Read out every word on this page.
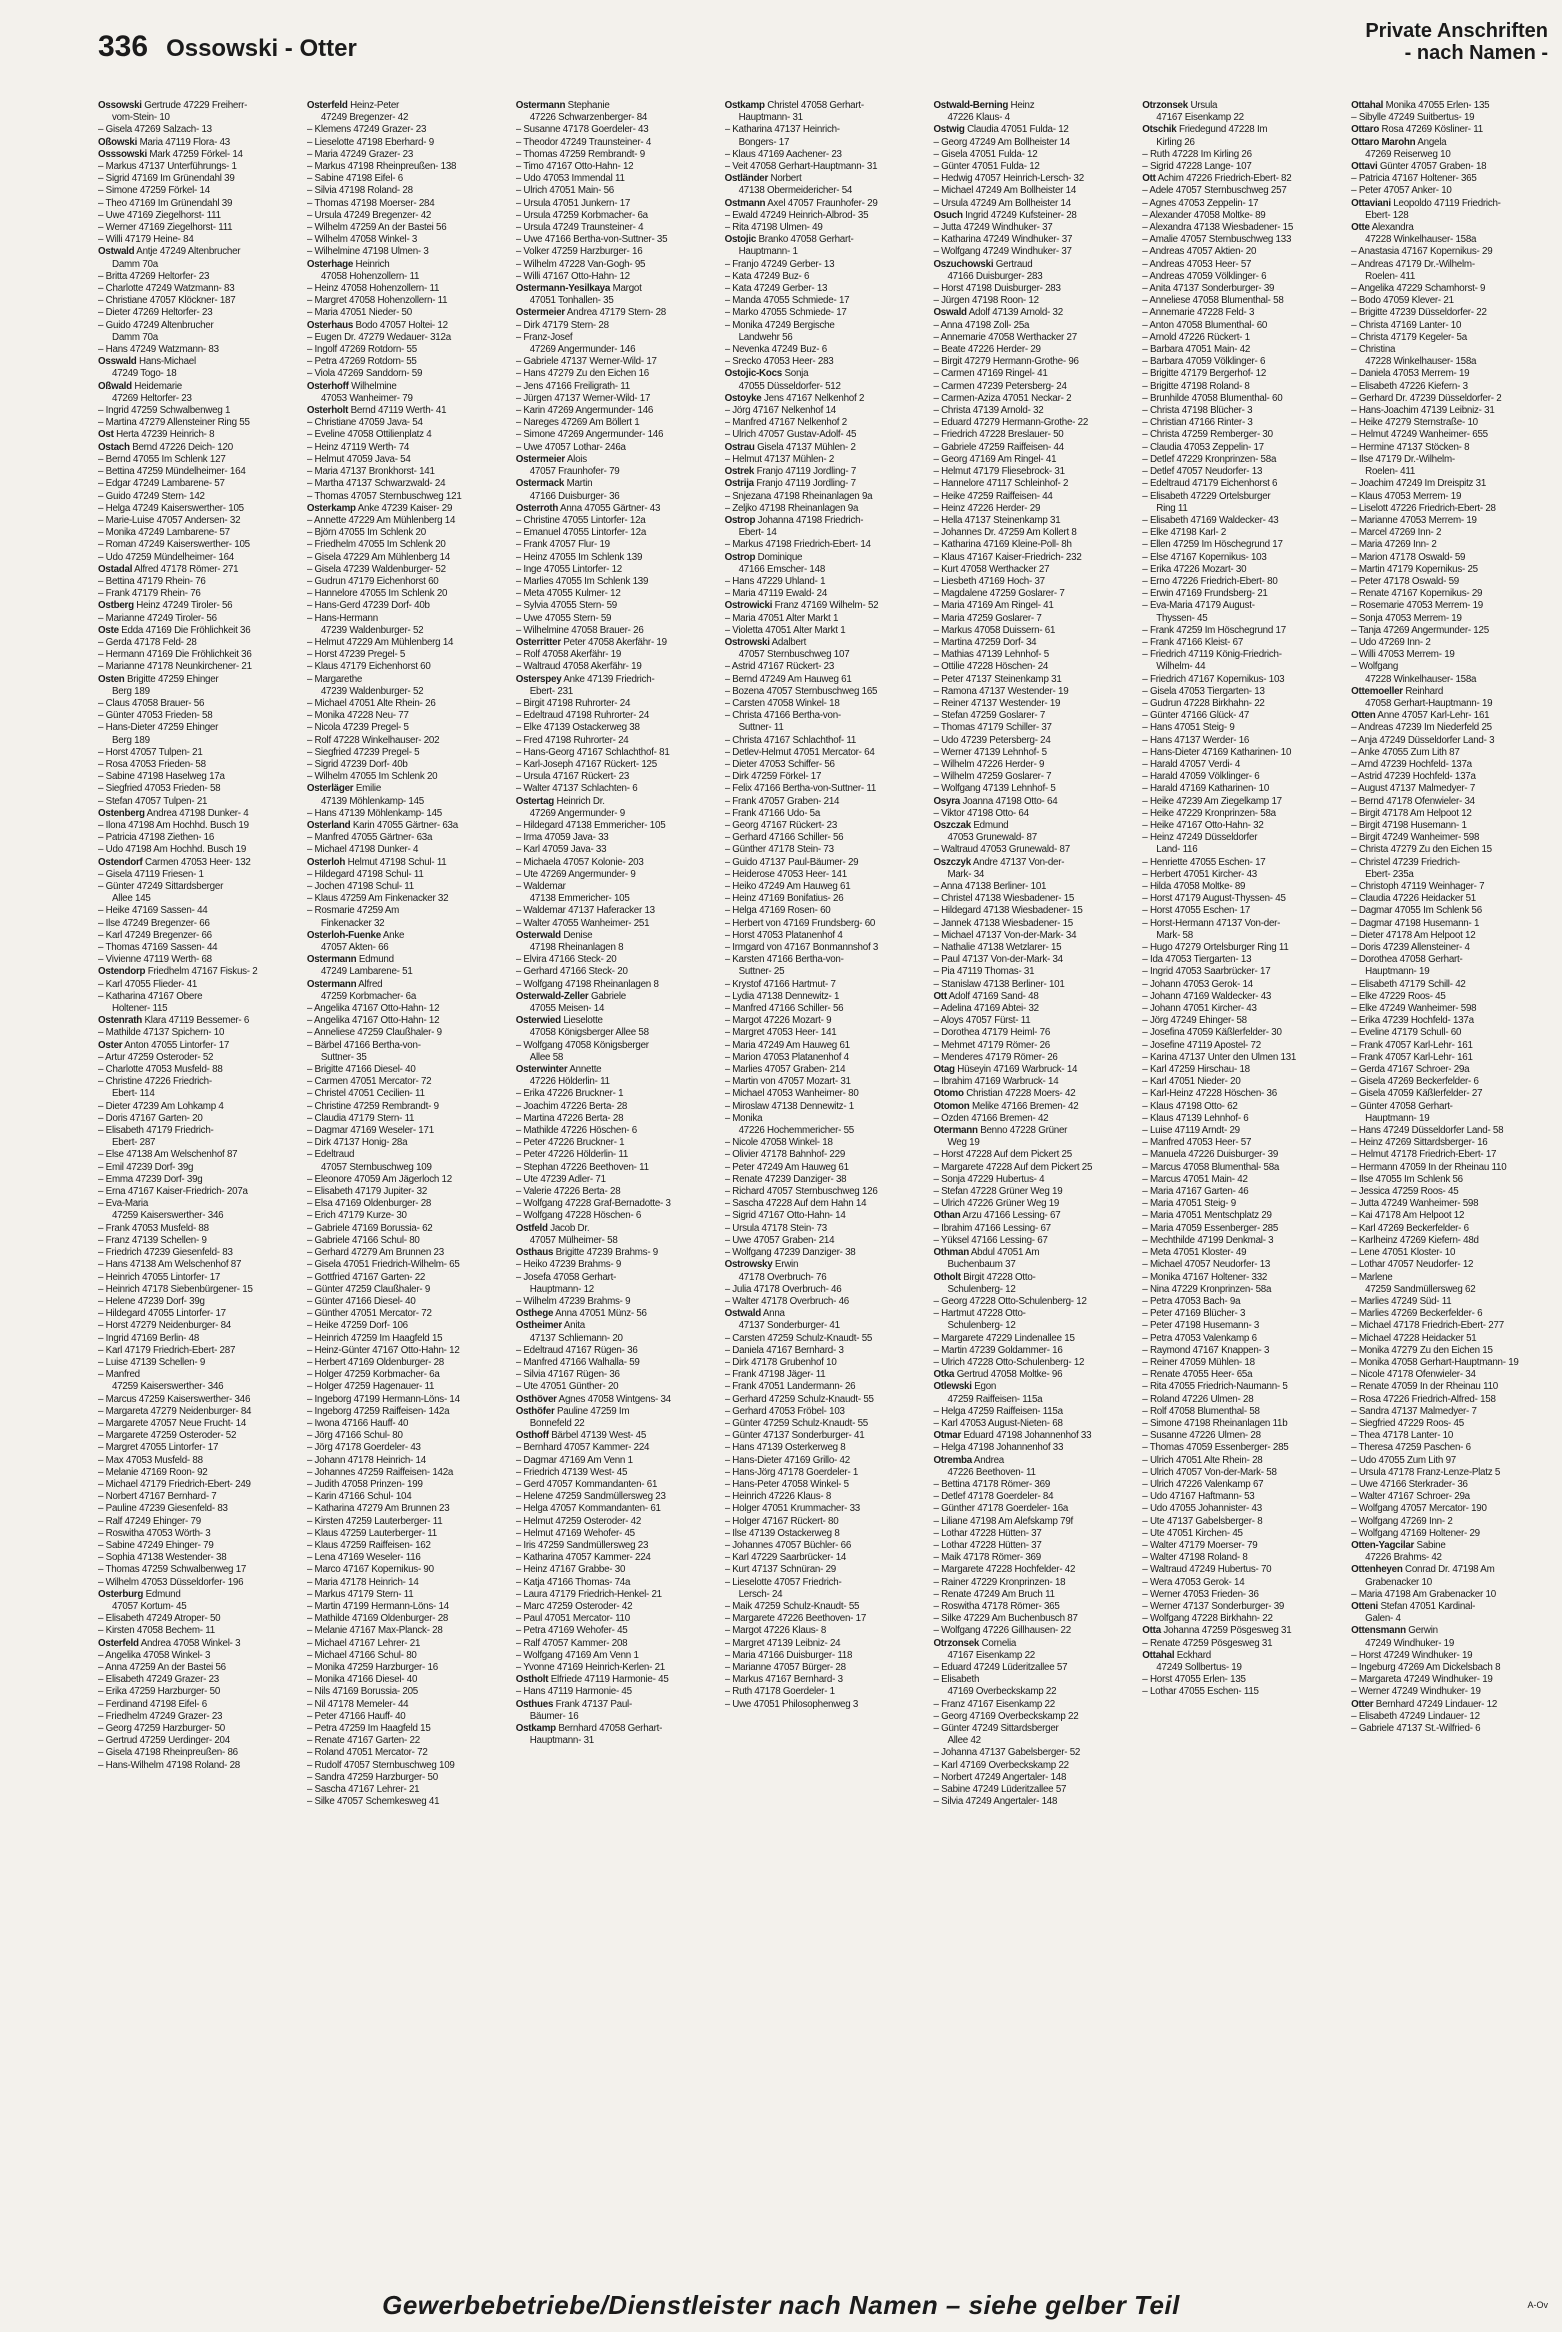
336 Ossowski - Otter
Private Anschriften
- nach Namen -
Ossowski Gertrude 47229 Freiherr-
vom-Stein- 10
– Gisela 47269 Salzach- 13
Oßowski Maria 47119 Flora- 43
Osssowski Mark 47259 Förkel- 14
– Markus 47137 Unterführungs- 1
– Sigrid 47169 Im Grünendahl 39
– Simone 47259 Förkel- 14
– Theo 47169 Im Grünendahl 39
– Uwe 47169 Ziegelhorst- 111
– Werner 47169 Ziegelhorst- 111
– Willi 47179 Heine- 84
Ostwald Antje 47249 Altenbrucher
Damm 70a
– Britta 47269 Heltorfer- 23
– Charlotte 47249 Watzmann- 83
– Christiane 47057 Klöckner- 187
– Dieter 47269 Heltorfer- 23
– Guido 47249 Altenbrucher
Damm 70a
– Hans 47249 Watzmann- 83
Osswald Hans-Michael
47249 Togo- 18
Oßwald Heidemarie
47269 Heltorfer- 23
– Ingrid 47259 Schwalbenweg 1
– Martina 47279 Allensteiner Ring 55
Ost Herta 47239 Heinrich- 8
Ostach Bernd 47226 Deich- 120
– Bernd 47055 Im Schlenk 127
– Bettina 47259 Mündelheimer- 164
– Edgar 47249 Lambarene- 57
– Guido 47249 Stern- 142
– Helga 47249 Kaiserswerther- 105
– Marie-Luise 47057 Andersen- 32
– Monika 47249 Lambarene- 57
– Roman 47249 Kaiserswerther- 105
– Udo 47259 Mündelheimer- 164
Ostadal Alfred 47178 Römer- 271
– Bettina 47179 Rhein- 76
– Frank 47179 Rhein- 76
Ostberg Heinz 47249 Tiroler- 56
– Marianne 47249 Tiroler- 56
Oste Edda 47169 Die Fröhlichkeit 36
– Gerda 47178 Feld- 28
– Hermann 47169 Die Fröhlichkeit 36
– Marianne 47178 Neunkirchener- 21
Osten Brigitte 47259 Ehinger
Berg 189
– Claus 47058 Brauer- 56
– Günter 47053 Frieden- 58
– Hans-Dieter 47259 Ehinger
Berg 189
– Horst 47057 Tulpen- 21
– Rosa 47053 Frieden- 58
– Sabine 47198 Haselweg 17a
– Siegfried 47053 Frieden- 58
– Stefan 47057 Tulpen- 21
Ostenberg Andrea 47198 Dunker- 4
– Ilona 47198 Am Hochhd. Busch 19
– Patricia 47198 Ziethen- 16
– Udo 47198 Am Hochhd. Busch 19
Ostendorf Carmen 47053 Heer- 132
– Gisela 47119 Friesen- 1
– Günter 47249 Sittardsberger
Allee 145
– Heike 47169 Sassen- 44
– Ilse 47249 Bregenzer- 66
– Karl 47249 Bregenzer- 66
– Thomas 47169 Sassen- 44
– Vivienne 47119 Werth- 68
Ostendorp Friedhelm 47167 Fiskus- 2
– Karl 47055 Flieder- 41
– Katharina 47167 Obere
Holtener- 115
Ostenrath Klara 47119 Bessemer- 6
– Mathilde 47137 Spichern- 10
Oster Anton 47055 Lintorfer- 17
– Artur 47259 Osteroder- 52
– Charlotte 47053 Musfeld- 88
– Christine 47226 Friedrich-
Ebert- 114
– Dieter 47239 Am Lohkamp 4
– Doris 47167 Garten- 20
– Elisabeth 47179 Friedrich-
Ebert- 287
– Else 47138 Am Welschenhof 87
– Emil 47239 Dorf- 39g
– Emma 47239 Dorf- 39g
– Erna 47167 Kaiser-Friedrich- 207a
– Eva-Maria
47259 Kaiserswerther- 346
– Frank 47053 Musfeld- 88
– Franz 47139 Schellen- 9
– Friedrich 47239 Giesenfeld- 83
– Hans 47138 Am Welschenhof 87
– Heinrich 47055 Lintorfer- 17
– Heinrich 47178 Siebenbürgener- 15
– Helene 47239 Dorf- 39g
– Hildegard 47055 Lintorfer- 17
– Horst 47279 Neidenburger- 84
– Ingrid 47169 Berlin- 48
– Karl 47179 Friedrich-Ebert- 287
– Luise 47139 Schellen- 9
– Manfred
47259 Kaiserswerther- 346
– Marcus 47259 Kaiserswerther- 346
– Margareta 47279 Neidenburger- 84
– Margarete 47057 Neue Frucht- 14
– Margarete 47259 Osteroder- 52
– Margret 47055 Lintorfer- 17
– Max 47053 Musfeld- 88
– Melanie 47169 Roon- 92
– Michael 47179 Friedrich-Ebert- 249
– Norbert 47167 Bernhard- 7
– Pauline 47239 Giesenfeld- 83
– Ralf 47249 Ehinger- 79
– Roswitha 47053 Wörth- 3
– Sabine 47249 Ehinger- 79
– Sophia 47138 Westender- 38
– Thomas 47259 Schwalbenweg 17
– Wilhelm 47053 Düsseldorfer- 196
Osterburg Edmund
47057 Kortum- 45
– Elisabeth 47249 Atroper- 50
– Kirsten 47058 Bechem- 11
Osterfeld Andrea 47058 Winkel- 3
– Angelika 47058 Winkel- 3
– Anna 47259 An der Bastei 56
– Elisabeth 47249 Grazer- 23
– Erika 47259 Harzburger- 50
– Ferdinand 47198 Eifel- 6
– Friedhelm 47249 Grazer- 23
– Georg 47259 Harzburger- 50
– Gertrud 47259 Uerdinger- 204
– Gisela 47198 Rheinpreußen- 86
– Hans-Wilhelm 47198 Roland- 28
Osterfeld Heinz-Peter
47249 Bregenzer- 42
– Klemens 47249 Grazer- 23
– Lieselotte 47198 Eberhard- 9
– Maria 47249 Grazer- 23
– Markus 47198 Rheinpreußen- 138
– Sabine 47198 Eifel- 6
– Silvia 47198 Roland- 28
– Thomas 47198 Moerser- 284
– Ursula 47249 Bregenzer- 42
– Wilhelm 47259 An der Bastei 56
– Wilhelm 47058 Winkel- 3
– Wilhelmine 47198 Ulmen- 3
Osterhage Heinrich
47058 Hohenzollern- 11
– Heinz 47058 Hohenzollern- 11
– Margret 47058 Hohenzollern- 11
– Maria 47051 Nieder- 50
Osterhaus Bodo 47057 Holtei- 12
– Eugen Dr. 47279 Wedauer- 312a
– Ingolf 47269 Rotdorn- 55
– Petra 47269 Rotdorn- 55
– Viola 47269 Sanddorn- 59
Osterhoff Wilhelmine
47053 Wanheimer- 79
Osterholt Bernd 47119 Werth- 41
– Christiane 47059 Java- 54
– Eveline 47058 Ottilienplatz 4
– Heinz 47119 Werth- 74
– Helmut 47059 Java- 54
– Maria 47137 Bronkhorst- 141
– Martha 47137 Schwarzwald- 24
– Thomas 47057 Sternbuschweg 121
Osterkamp Anke 47239 Kaiser- 29
– Annette 47229 Am Mühlenberg 14
– Björn 47055 Im Schlenk 20
– Friedhelm 47055 Im Schlenk 20
– Gisela 47229 Am Mühlenberg 14
– Gisela 47239 Waldenburger- 52
– Gudrun 47179 Eichenhorst 60
– Hannelore 47055 Im Schlenk 20
– Hans-Gerd 47239 Dorf- 40b
– Hans-Hermann
47239 Waldenburger- 52
– Helmut 47229 Am Mühlenberg 14
– Horst 47239 Pregel- 5
– Klaus 47179 Eichenhorst 60
– Margarethe
47239 Waldenburger- 52
– Michael 47051 Alte Rhein- 26
– Monika 47228 Neu- 77
– Nicola 47239 Pregel- 5
– Rolf 47228 Winkelhauser- 202
– Siegfried 47239 Pregel- 5
– Sigrid 47239 Dorf- 40b
– Wilhelm 47055 Im Schlenk 20
Osterläger Emilie
47139 Möhlenkamp- 145
– Hans 47139 Möhlenkamp- 145
Osterland Karin 47055 Gärtner- 63a
– Manfred 47055 Gärtner- 63a
– Michael 47198 Dunker- 4
Osterloh Helmut 47198 Schul- 11
– Hildegard 47198 Schul- 11
– Jochen 47198 Schul- 11
– Klaus 47259 Am Finkenacker 32
– Rosmarie 47259 Am
Finkenacker 32
Osterloh-Fuenke Anke
47057 Akten- 66
Ostermann Edmund
47249 Lambarene- 51
Ostermann Alfred
47259 Korbmacher- 6a
– Angelika 47167 Otto-Hahn- 12
– Angelika 47167 Otto-Hahn- 12
– Anneliese 47259 Claußhaler- 9
– Bärbel 47166 Bertha-von-
Suttner- 35
– Brigitte 47166 Diesel- 40
– Carmen 47051 Mercator- 72
– Christel 47051 Cecilien- 11
– Christine 47259 Rembrandt- 9
– Claudia 47179 Stern- 11
– Dagmar 47169 Weseler- 171
– Dirk 47137 Honig- 28a
– Edeltraud
47057 Sternbuschweg 109
– Eleonore 47059 Am Jägerloch 12
– Elisabeth 47179 Jupiter- 32
– Elsa 47169 Oldenburger- 28
– Erich 47179 Kurze- 30
– Gabriele 47169 Borussia- 62
– Gabriele 47166 Schul- 80
– Gerhard 47279 Am Brunnen 23
– Gisela 47051 Friedrich-Wilhelm- 65
– Gottfried 47167 Garten- 22
– Günter 47259 Claußhaler- 9
– Günter 47166 Diesel- 40
– Günther 47051 Mercator- 72
– Heike 47259 Dorf- 106
– Heinrich 47259 Im Haagfeld 15
– Heinz-Günter 47167 Otto-Hahn- 12
– Herbert 47169 Oldenburger- 28
– Holger 47259 Korbmacher- 6a
– Holger 47259 Hagenauer- 11
– Ingeborg 47199 Hermann-Löns- 14
– Ingeborg 47259 Raiffeisen- 142a
– Iwona 47166 Hauff- 40
– Jörg 47166 Schul- 80
– Jörg 47178 Goerdeler- 43
– Johann 47178 Heinrich- 14
– Johannes 47259 Raiffeisen- 142a
– Judith 47058 Prinzen- 199
– Karin 47166 Schul- 104
– Katharina 47279 Am Brunnen 23
– Kirsten 47259 Lauterberger- 11
– Klaus 47259 Lauterberger- 11
– Klaus 47259 Raiffeisen- 162
– Lena 47169 Weseler- 116
– Marco 47167 Kopernikus- 90
– Maria 47178 Heinrich- 14
– Markus 47179 Stern- 11
– Martin 47199 Hermann-Löns- 14
– Mathilde 47169 Oldenburger- 28
– Melanie 47167 Max-Planck- 28
– Michael 47167 Lehrer- 21
– Michael 47166 Schul- 80
– Monika 47259 Harzburger- 16
– Monika 47166 Diesel- 40
– Nils 47169 Borussia- 205
– Nil 47178 Memeler- 44
– Peter 47166 Hauff- 40
– Petra 47259 Im Haagfeld 15
– Renate 47167 Garten- 22
– Roland 47051 Mercator- 72
– Rudolf 47057 Sternbuschweg 109
– Sandra 47259 Harzburger- 50
– Sascha 47167 Lehrer- 21
– Silke 47057 Schemkesweg 41
Ostermann Stephanie
47226 Schwarzenberger- 84
– Susanne 47178 Goerdeler- 43
– Theodor 47249 Traunsteiner- 4
– Thomas 47259 Rembrandt- 9
– Timo 47167 Otto-Hahn- 12
– Udo 47053 Immendal 11
– Ulrich 47051 Main- 56
– Ursula 47051 Junkern- 17
– Ursula 47259 Korbmacher- 6a
– Ursula 47249 Traunsteiner- 4
– Uwe 47166 Bertha-von-Suttner- 35
– Volker 47259 Harzburger- 16
– Wilhelm 47228 Van-Gogh- 95
– Willi 47167 Otto-Hahn- 12
Ostermann-Yesilkaya Margot
47051 Tonhallen- 35
Ostermeier Andrea 47179 Stern- 28
– Dirk 47179 Stern- 28
– Franz-Josef
47269 Angermunder- 146
– Gabriele 47137 Werner-Wild- 17
– Hans 47279 Zu den Eichen 16
– Jens 47166 Freiligrath- 11
– Jürgen 47137 Werner-Wild- 17
– Karin 47269 Angermunder- 146
– Nareges 47269 Am Böllert 1
– Simone 47269 Angermunder- 146
– Uwe 47057 Lothar- 246a
Ostermeier Alois
47057 Fraunhofer- 79
Ostermack Martin
47166 Duisburger- 36
Osterroth Anna 47055 Gärtner- 43
– Christine 47055 Lintorfer- 12a
– Emanuel 47055 Lintorfer- 12a
– Frank 47057 Flur- 19
– Heinz 47055 Im Schlenk 139
– Inge 47055 Lintorfer- 12
– Marlies 47055 Im Schlenk 139
– Meta 47055 Kulmer- 12
– Sylvia 47055 Stern- 59
– Uwe 47055 Stern- 59
– Wilhelmine 47058 Brauer- 26
Osterritter Peter 47058 Akerfähr- 19
– Rolf 47058 Akerfähr- 19
– Waltraud 47058 Akerfähr- 19
Osterspey Anke 47139 Friedrich-
Ebert- 231
– Birgit 47198 Ruhrorter- 24
– Edeltraud 47198 Ruhrorter- 24
– Elke 47139 Ostackerweg 38
– Fred 47198 Ruhrorter- 24
– Hans-Georg 47167 Schlachthof- 81
– Karl-Joseph 47167 Rückert- 125
– Ursula 47167 Rückert- 23
– Walter 47137 Schlachten- 6
Ostertag Heinrich Dr.
47269 Angermunder- 9
– Hildegard 47138 Emmericher- 105
– Irma 47059 Java- 33
– Karl 47059 Java- 33
– Michaela 47057 Kolonie- 203
– Ute 47269 Angermunder- 9
– Waldemar
47138 Emmericher- 105
– Waldemar 47137 Haferacker 13
– Walter 47055 Wanheimer- 251
Osterwald Denise
47198 Rheinanlagen 8
– Elvira 47166 Steck- 20
– Gerhard 47166 Steck- 20
– Wolfgang 47198 Rheinanlagen 8
Osterwald-Zeller Gabriele
47055 Meisen- 14
Osterwied Lieselotte
47058 Königsberger Allee 58
– Wolfgang 47058 Königsberger
Allee 58
Osterwinter Annette
47226 Hölderlin- 11
– Erika 47226 Bruckner- 1
– Joachim 47226 Berta- 28
– Martina 47226 Berta- 28
– Mathilde 47226 Höschen- 6
– Peter 47226 Bruckner- 1
– Peter 47226 Hölderlin- 11
– Stephan 47226 Beethoven- 11
– Ute 47239 Adler- 71
– Valerie 47226 Berta- 28
– Wolfgang 47228 Graf-Bernadotte- 3
– Wolfgang 47228 Höschen- 6
Ostfeld Jacob Dr.
47057 Mülheimer- 58
Osthaus Brigitte 47239 Brahms- 9
– Heiko 47239 Brahms- 9
– Josefa 47058 Gerhart-
Hauptmann- 12
– Wilhelm 47239 Brahms- 9
Osthege Anna 47051 Münz- 56
Ostheimer Anita
47137 Schliemann- 20
– Edeltraud 47167 Rügen- 36
– Manfred 47166 Walhalla- 59
– Silvia 47167 Rügen- 36
– Ute 47051 Günther- 20
Osthöver Agnes 47058 Wintgens- 34
Osthöfer Pauline 47259 Im
Bonnefeld 22
Osthoff Bärbel 47139 West- 45
– Bernhard 47057 Kammer- 224
– Dagmar 47169 Am Venn 1
– Friedrich 47139 West- 45
– Gerd 47057 Kommandanten- 61
– Helene 47259 Sandmüllersweg 23
– Helga 47057 Kommandanten- 61
– Helmut 47259 Osteroder- 42
– Helmut 47169 Wehofer- 45
– Iris 47259 Sandmüllersweg 23
– Katharina 47057 Kammer- 224
– Heinz 47167 Grabbe- 30
– Katja 47166 Thomas- 74a
– Laura 47179 Friedrich-Henkel- 21
– Marc 47259 Osteroder- 42
– Paul 47051 Mercator- 110
– Petra 47169 Wehofer- 45
– Ralf 47057 Kammer- 208
– Wolfgang 47169 Am Venn 1
– Yvonne 47169 Heinrich-Kerlen- 21
Ostholt Elfriede 47119 Harmonie- 45
– Hans 47119 Harmonie- 45
Osthues Frank 47137 Paul-
Bäumer- 16
Ostkamp Bernhard 47058 Gerhart-
Hauptmann- 31
Ostkamp Christel 47058 Gerhart-
Hauptmann- 31
– Katharina 47137 Heinrich-
Bongers- 17
– Klaus 47169 Aachener- 23
– Veit 47058 Gerhart-Hauptmann- 31
Ostländer Norbert
47138 Obermeidericher- 54
Ostmann Axel 47057 Fraunhofer- 29
– Ewald 47249 Heinrich-Albrod- 35
– Rita 47198 Ulmen- 49
Ostojic Branko 47058 Gerhart-
Hauptmann- 1
– Franjo 47249 Gerber- 13
– Kata 47249 Buz- 6
– Kata 47249 Gerber- 13
– Manda 47055 Schmiede- 17
– Marko 47055 Schmiede- 17
– Monika 47249 Bergische
Landwehr 56
– Nevenka 47249 Buz- 6
– Srecko 47053 Heer- 283
Ostojic-Kocs Sonja
47055 Düsseldorfer- 512
Ostoyke Jens 47167 Nelkenhof 2
– Jörg 47167 Nelkenhof 14
– Manfred 47167 Nelkenhof 2
– Ulrich 47057 Gustav-Adolf- 45
Ostrau Gisela 47137 Mühlen- 2
– Helmut 47137 Mühlen- 2
Ostrek Franjo 47119 Jordling- 7
Ostrija Franjo 47119 Jordling- 7
– Snjezana 47198 Rheinanlagen 9a
– Zeljko 47198 Rheinanlagen 9a
Ostrop Johanna 47198 Friedrich-
Ebert- 14
– Markus 47198 Friedrich-Ebert- 14
Ostrop Dominique
47166 Emscher- 148
– Hans 47229 Uhland- 1
– Maria 47119 Ewald- 24
Ostrowicki Franz 47169 Wilhelm- 52
– Maria 47051 Alter Markt 1
– Violetta 47051 Alter Markt 1
Ostrowski Adalbert
47057 Sternbuschweg 107
– Astrid 47167 Rückert- 23
– Bernd 47249 Am Hauweg 61
– Bozena 47057 Sternbuschweg 165
– Carsten 47058 Winkel- 18
– Christa 47166 Bertha-von-
Suttner- 11
– Christa 47167 Schlachthof- 11
– Detlev-Helmut 47051 Mercator- 64
– Dieter 47053 Schiffer- 56
– Dirk 47259 Förkel- 17
– Felix 47166 Bertha-von-Suttner- 11
– Frank 47057 Graben- 214
– Frank 47166 Udo- 5a
– Georg 47167 Rückert- 23
– Gerhard 47166 Schiller- 56
– Günther 47178 Stein- 73
– Guido 47137 Paul-Bäumer- 29
– Heiderose 47053 Heer- 141
– Heiko 47249 Am Hauweg 61
– Heinz 47169 Bonifatius- 26
– Helga 47169 Rosen- 60
– Herbert von 47169 Frundsberg- 60
– Horst 47053 Platanenhof 4
– Irmgard von 47167 Bonmannshof 3
– Karsten 47166 Bertha-von-
Suttner- 25
– Krystof 47166 Hartmut- 7
– Lydia 47138 Dennewitz- 1
– Manfred 47166 Schiller- 56
– Margot 47226 Mozart- 9
– Margret 47053 Heer- 141
– Maria 47249 Am Hauweg 61
– Marion 47053 Platanenhof 4
– Marlies 47057 Graben- 214
– Martin von 47057 Mozart- 31
– Michael 47053 Wanheimer- 80
– Miroslaw 47138 Dennewitz- 1
– Monika
47226 Hochemmericher- 55
– Nicole 47058 Winkel- 18
– Olivier 47178 Bahnhof- 229
– Peter 47249 Am Hauweg 61
– Renate 47239 Danziger- 38
– Richard 47057 Sternbuschweg 126
– Sascha 47228 Auf dem Hahn 14
– Sigrid 47167 Otto-Hahn- 14
– Ursula 47178 Stein- 73
– Uwe 47057 Graben- 214
– Wolfgang 47239 Danziger- 38
Ostrowsky Erwin
47178 Overbruch- 76
– Julia 47178 Overbruch- 46
– Walter 47178 Overbruch- 46
Ostwald Anna
47137 Sonderburger- 41
– Carsten 47259 Schulz-Knaudt- 55
– Daniela 47167 Bernhard- 3
– Dirk 47178 Grubenhof 10
– Frank 47198 Jäger- 11
– Frank 47051 Landermann- 26
– Gerhard 47259 Schulz-Knaudt- 55
– Gerhard 47053 Fröbel- 103
– Günter 47259 Schulz-Knaudt- 55
– Günter 47137 Sonderburger- 41
– Hans 47139 Osterkerweg 8
– Hans-Dieter 47169 Grillo- 42
– Hans-Jörg 47178 Goerdeler- 1
– Hans-Peter 47058 Winkel- 5
– Heinrich 47226 Klaus- 8
– Holger 47051 Krummacher- 33
– Holger 47167 Rückert- 80
– Ilse 47139 Ostackerweg 8
– Johannes 47057 Büchler- 66
– Karl 47229 Saarbrücker- 14
– Kurt 47137 Schnüran- 29
– Lieselotte 47057 Friedrich-
Lersch- 24
– Maik 47259 Schulz-Knaudt- 55
– Margarete 47226 Beethoven- 17
– Margot 47226 Klaus- 8
– Margret 47139 Leibniz- 24
– Maria 47166 Duisburger- 118
– Marianne 47057 Bürger- 28
– Markus 47167 Bernhard- 3
– Ruth 47178 Goerdeler- 1
– Uwe 47051 Philosophenweg 3
Ostwald-Berning Heinz
47226 Klaus- 4
Ostwig Claudia 47051 Fulda- 12
– Georg 47249 Am Bollheister 14
– Gisela 47051 Fulda- 12
– Günter 47051 Fulda- 12
– Hedwig 47057 Heinrich-Lersch- 32
– Michael 47249 Am Bollheister 14
– Ursula 47249 Am Bollheister 14
Osuch Ingrid 47249 Kufsteiner- 28
– Jutta 47249 Windhuker- 37
– Katharina 47249 Windhuker- 37
– Wolfgang 47249 Windhuker- 37
Oszuchowski Gertraud
47166 Duisburger- 283
– Horst 47198 Duisburger- 283
– Jürgen 47198 Roon- 12
Oswald Adolf 47139 Arnold- 32
– Anna 47198 Zoll- 25a
– Annemarie 47058 Werthacker 27
– Beate 47226 Herder- 29
– Birgit 47279 Hermann-Grothe- 96
– Carmen 47169 Ringel- 41
– Carmen 47239 Petersberg- 24
– Carmen-Aziza 47051 Neckar- 2
– Christa 47139 Arnold- 32
– Eduard 47279 Hermann-Grothe- 22
– Friedrich 47228 Breslauer- 50
– Gabriele 47259 Raiffeisen- 44
– Georg 47169 Am Ringel- 41
– Helmut 47179 Fliesebrock- 31
– Hannelore 47117 Schleinhof- 2
– Heike 47259 Raiffeisen- 44
– Heinz 47226 Herder- 29
– Hella 47137 Steinenkamp 31
– Johannes Dr. 47259 Am Kollert 8
– Katharina 47169 Kleine-Poll- 8h
– Klaus 47167 Kaiser-Friedrich- 232
– Kurt 47058 Werthacker 27
– Liesbeth 47169 Hoch- 37
– Magdalene 47259 Goslarer- 7
– Maria 47169 Am Ringel- 41
– Maria 47259 Goslarer- 7
– Markus 47058 Duissern- 61
– Martina 47259 Dorf- 34
– Mathias 47139 Lehnhof- 5
– Ottilie 47228 Höschen- 24
– Peter 47137 Steinenkamp 31
– Ramona 47137 Westender- 19
– Reiner 47137 Westender- 19
– Stefan 47259 Goslarer- 7
– Thomas 47179 Schiller- 37
– Udo 47239 Petersberg- 24
– Werner 47139 Lehnhof- 5
– Wilhelm 47226 Herder- 9
– Wilhelm 47259 Goslarer- 7
– Wolfgang 47139 Lehnhof- 5
Osyra Joanna 47198 Otto- 64
– Viktor 47198 Otto- 64
Oszczak Edmund
47053 Grunewald- 87
– Waltraud 47053 Grunewald- 87
Oszczyk Andre 47137 Von-der-
Mark- 34
– Anna 47138 Berliner- 101
– Christel 47138 Wiesbadener- 15
– Hildegard 47138 Wiesbadener- 15
– Jannek 47138 Wiesbadener- 15
– Michael 47137 Von-der-Mark- 34
– Nathalie 47138 Wetzlarer- 15
– Paul 47137 Von-der-Mark- 34
– Pia 47119 Thomas- 31
– Stanislaw 47138 Berliner- 101
Ott Adolf 47169 Sand- 48
– Adelina 47169 Abtei- 32
– Aloys 47057 Fürst- 11
– Dorothea 47179 Heiml- 76
– Mehmet 47179 Römer- 26
– Menderes 47179 Römer- 26
Otag Hüseyin 47169 Warbruck- 14
– Ibrahim 47169 Warbruck- 14
Otomo Christian 47228 Moers- 42
Otomon Melike 47166 Bremen- 42
– Özden 47166 Bremen- 42
Otermann Benno 47228 Grüner
Weg 19
– Horst 47228 Auf dem Pickert 25
– Margarete 47228 Auf dem Pickert 25
– Sonja 47229 Hubertus- 4
– Stefan 47228 Grüner Weg 19
– Ulrich 47226 Grüner Weg 19
Othan Arzu 47166 Lessing- 67
– Ibrahim 47166 Lessing- 67
– Yüksel 47166 Lessing- 67
Othman Abdul 47051 Am
Buchenbaum 37
Otholt Birgit 47228 Otto-
Schulenberg- 12
– Georg 47228 Otto-Schulenberg- 12
– Hartmut 47228 Otto-
Schulenberg- 12
– Margarete 47229 Lindenallee 15
– Martin 47239 Goldammer- 16
– Ulrich 47228 Otto-Schulenberg- 12
Otka Gertrud 47058 Moltke- 96
Otlewski Egon
47259 Raiffeisen- 115a
– Helga 47259 Raiffeisen- 115a
– Karl 47053 August-Nieten- 68
Otmar Eduard 47198 Johannenhof 33
– Helga 47198 Johannenhof 33
Otremba Andrea
47226 Beethoven- 11
– Bettina 47178 Römer- 369
– Detlef 47178 Goerdeler- 84
– Günther 47178 Goerdeler- 16a
– Liliane 47198 Am Alefskamp 79f
– Lothar 47228 Hütten- 37
– Lothar 47228 Hütten- 37
– Maik 47178 Römer- 369
– Margarete 47228 Hochfelder- 42
– Rainer 47229 Kronprinzen- 18
– Renate 47249 Am Bruch 11
– Roswitha 47178 Römer- 365
– Silke 47229 Am Buchenbusch 87
– Wolfgang 47226 Gillhausen- 22
Otrzonsek Cornelia
47167 Eisenkamp 22
– Eduard 47249 Lüderitzallee 57
– Elisabeth
47169 Overbeckskamp 22
– Franz 47167 Eisenkamp 22
– Georg 47169 Overbeckskamp 22
– Günter 47249 Sittardsberger
Allee 42
– Johanna 47137 Gabelsberger- 52
– Karl 47169 Overbeckskamp 22
– Norbert 47249 Angertaler- 148
– Sabine 47249 Lüderitzallee 57
– Silvia 47249 Angertaler- 148
Otrzonsek Ursula
47167 Eisenkamp 22
Otschik Friedegund 47228 Im
Kirling 26
– Ruth 47228 Im Kirling 26
– Sigrid 47228 Lange- 107
Ott Achim 47226 Friedrich-Ebert- 82
– Adele 47057 Sternbuschweg 257
– Agnes 47053 Zeppelin- 17
– Alexander 47058 Moltke- 89
– Alexandra 47138 Wiesbadener- 15
– Amalie 47057 Sternbuschweg 133
– Andreas 47057 Aktien- 20
– Andreas 47053 Heer- 57
– Andreas 47059 Völklinger- 6
– Anita 47137 Sonderburger- 39
– Anneliese 47058 Blumenthal- 58
– Annemarie 47228 Feld- 3
– Anton 47058 Blumenthal- 60
– Arnold 47226 Rückert- 1
– Barbara 47051 Main- 42
– Barbara 47059 Völklinger- 6
– Brigitte 47179 Bergerhof- 12
– Brigitte 47198 Roland- 8
– Brunhilde 47058 Blumenthal- 60
– Christa 47198 Blücher- 3
– Christian 47166 Rinter- 3
– Christa 47259 Remberger- 30
– Claudia 47053 Zeppelin- 17
– Detlef 47229 Kronprinzen- 58a
– Detlef 47057 Neudorfer- 13
– Edeltraud 47179 Eichenhorst 6
– Elisabeth 47229 Ortelsburger
Ring 11
– Elisabeth 47169 Waldecker- 43
– Elke 47198 Karl- 2
– Ellen 47259 Im Höschegrund 17
– Else 47167 Kopernikus- 103
– Erika 47226 Mozart- 30
– Erno 47226 Friedrich-Ebert- 80
– Erwin 47169 Frundsberg- 21
– Eva-Maria 47179 August-
Thyssen- 45
– Frank 47259 Im Höschegrund 17
– Frank 47166 Kleist- 67
– Friedrich 47119 König-Friedrich-
Wilhelm- 44
– Friedrich 47167 Kopernikus- 103
– Gisela 47053 Tiergarten- 13
– Gudrun 47228 Birkhahn- 22
– Günter 47166 Glück- 47
– Hans 47051 Steig- 9
– Hans 47137 Werder- 16
– Hans-Dieter 47169 Katharinen- 10
– Harald 47057 Verdi- 4
– Harald 47059 Völklinger- 6
– Harald 47169 Katharinen- 10
– Heike 47239 Am Ziegelkamp 17
– Heike 47229 Kronprinzen- 58a
– Heike 47167 Otto-Hahn- 32
– Heinz 47249 Düsseldorfer
Land- 116
– Henriette 47055 Eschen- 17
– Herbert 47051 Kircher- 43
– Hilda 47058 Moltke- 89
– Horst 47179 August-Thyssen- 45
– Horst 47055 Eschen- 17
– Horst-Hermann 47137 Von-der-
Mark- 58
– Hugo 47279 Ortelsburger Ring 11
– Ida 47053 Tiergarten- 13
– Ingrid 47053 Saarbrücker- 17
– Johann 47053 Gerok- 14
– Johann 47169 Waldecker- 43
– Johann 47051 Kircher- 43
– Jörg 47249 Ehinger- 58
– Josefina 47059 Käßlerfelder- 30
– Josefine 47119 Apostel- 72
– Karina 47137 Unter den Ulmen 131
– Karl 47259 Hirschau- 18
– Karl 47051 Nieder- 20
– Karl-Heinz 47228 Höschen- 36
– Klaus 47198 Otto- 62
– Klaus 47139 Lehnhof- 6
– Luise 47119 Arndt- 29
– Manfred 47053 Heer- 57
– Manuela 47226 Duisburger- 39
– Marcus 47058 Blumenthal- 58a
– Marcus 47051 Main- 42
– Maria 47167 Garten- 46
– Maria 47051 Steig- 9
– Maria 47051 Mentschplatz 29
– Maria 47059 Essenberger- 285
– Mechthilde 47199 Denkmal- 3
– Meta 47051 Kloster- 49
– Michael 47057 Neudorfer- 13
– Monika 47167 Holtener- 332
– Nina 47229 Kronprinzen- 58a
– Petra 47053 Bach- 9a
– Peter 47169 Blücher- 3
– Peter 47198 Husemann- 3
– Petra 47053 Valenkamp 6
– Raymond 47167 Knappen- 3
– Reiner 47059 Mühlen- 18
– Renate 47055 Heer- 65a
– Rita 47055 Friedrich-Naumann- 5
– Roland 47226 Ulmen- 28
– Rolf 47058 Blumenthal- 58
– Simone 47198 Rheinanlagen 11b
– Susanne 47226 Ulmen- 28
– Thomas 47059 Essenberger- 285
– Ulrich 47051 Alte Rhein- 28
– Ulrich 47057 Von-der-Mark- 58
– Ulrich 47226 Valenkamp 67
– Udo 47167 Haftmann- 53
– Udo 47055 Johannister- 43
– Ute 47137 Gabelsberger- 8
– Ute 47051 Kirchen- 45
– Walter 47179 Moerser- 79
– Walter 47198 Roland- 8
– Waltraud 47249 Hubertus- 70
– Wera 47053 Gerok- 14
– Werner 47053 Frieden- 36
– Werner 47137 Sonderburger- 39
– Wolfgang 47228 Birkhahn- 22
Otta Johanna 47259 Pösgesweg 31
– Renate 47259 Pösgesweg 31
Ottahal Eckhard
47249 Sollbertus- 19
– Horst 47055 Erlen- 135
– Lothar 47055 Eschen- 115
Ottahal Monika 47055 Erlen- 135
– Sibylle 47249 Suitbertus- 19
Ottaro Rosa 47269 Kösliner- 11
Ottaro Marohn Angela
47269 Reiserweg 10
Ottavi Günter 47057 Graben- 18
– Patricia 47167 Holtener- 365
– Peter 47057 Anker- 10
Ottaviani Leopoldo 47119 Friedrich-
Ebert- 128
Otte Alexandra
47228 Winkelhauser- 158a
– Anastasia 47167 Kopernikus- 29
– Andreas 47179 Dr.-Wilhelm-
Roelen- 411
– Angelika 47229 Schamhorst- 9
– Bodo 47059 Klever- 21
– Brigitte 47239 Düsseldorfer- 22
– Christa 47169 Lanter- 10
– Christa 47179 Kegeler- 5a
– Christina
47228 Winkelhauser- 158a
– Daniela 47053 Merrem- 19
– Elisabeth 47226 Kiefern- 3
– Gerhard Dr. 47239 Düsseldorfer- 2
– Hans-Joachim 47139 Leibniz- 31
– Heike 47279 Sternstraße- 10
– Helmut 47249 Wanheimer- 655
– Hermine 47137 Stöcken- 8
– Ilse 47179 Dr.-Wilhelm-
Roelen- 411
– Joachim 47249 Im Dreispitz 31
– Klaus 47053 Merrem- 19
– Liselott 47226 Friedrich-Ebert- 28
– Marianne 47053 Merrem- 19
– Marcel 47269 Inn- 2
– Maria 47269 Inn- 2
– Marion 47178 Oswald- 59
– Martin 47179 Kopernikus- 25
– Peter 47178 Oswald- 59
– Renate 47167 Kopernikus- 29
– Rosemarie 47053 Merrem- 19
– Sonja 47053 Merrem- 19
– Tanja 47269 Angermunder- 125
– Udo 47269 Inn- 2
– Willi 47053 Merrem- 19
– Wolfgang
47228 Winkelhauser- 158a
Ottemoeller Reinhard
47058 Gerhart-Hauptmann- 19
Otten Anne 47057 Karl-Lehr- 161
– Andreas 47239 Im Niederfeld 25
– Anja 47249 Düsseldorfer Land- 3
– Anke 47055 Zum Lith 87
– Arnd 47239 Hochfeld- 137a
– Astrid 47239 Hochfeld- 137a
– August 47137 Malmedyer- 7
– Bernd 47178 Ofenwieler- 34
– Birgit 47178 Am Helpoot 12
– Birgit 47198 Husemann- 1
– Birgit 47249 Wanheimer- 598
– Christa 47279 Zu den Eichen 15
– Christel 47239 Friedrich-
Ebert- 235a
– Christoph 47119 Weinhager- 7
– Claudia 47226 Heidacker 51
– Dagmar 47055 Im Schlenk 56
– Dagmar 47198 Husemann- 1
– Dieter 47178 Am Helpoot 12
– Doris 47239 Allensteiner- 4
– Dorothea 47058 Gerhart-
Hauptmann- 19
– Elisabeth 47179 Schill- 42
– Elke 47229 Roos- 45
– Elke 47249 Wanheimer- 598
– Erika 47239 Hochfeld- 137a
– Eveline 47179 Schull- 60
– Frank 47057 Karl-Lehr- 161
– Frank 47057 Karl-Lehr- 161
– Gerda 47167 Schroer- 29a
– Gisela 47269 Beckerfelder- 6
– Gisela 47059 Käßlerfelder- 27
– Günter 47058 Gerhart-
Hauptmann- 19
– Hans 47249 Düsseldorfer Land- 58
– Heinz 47269 Sittardsberger- 16
– Helmut 47178 Friedrich-Ebert- 17
– Hermann 47059 In der Rheinau 110
– Ilse 47055 Im Schlenk 56
– Jessica 47259 Roos- 45
– Jutta 47249 Wanheimer- 598
– Kai 47178 Am Helpoot 12
– Karl 47269 Beckerfelder- 6
– Karlheinz 47269 Kiefern- 48d
– Lene 47051 Kloster- 10
– Lothar 47057 Neudorfer- 12
– Marlene
47259 Sandmüllersweg 62
– Marlies 47249 Süd- 11
– Marlies 47269 Beckerfelder- 6
– Michael 47178 Friedrich-Ebert- 277
– Michael 47228 Heidacker 51
– Monika 47279 Zu den Eichen 15
– Monika 47058 Gerhart-Hauptmann- 19
– Nicole 47178 Ofenwieler- 34
– Renate 47059 In der Rheinau 110
– Rosa 47226 Friedrich-Alfred- 158
– Sandra 47137 Malmedyer- 7
– Siegfried 47229 Roos- 45
– Thea 47178 Lanter- 10
– Theresa 47259 Paschen- 6
– Udo 47055 Zum Lith 97
– Ursula 47178 Franz-Lenze-Platz 5
– Uwe 47166 Sterkrader- 36
– Walter 47167 Schroer- 29a
– Wolfgang 47057 Mercator- 190
– Wolfgang 47269 Inn- 2
– Wolfgang 47169 Holtener- 29
Otten-Yagcilar Sabine
47226 Brahms- 42
Ottenheyen Conrad Dr. 47198 Am
Grabenacker 10
– Maria 47198 Am Grabenacker 10
Otteni Stefan 47051 Kardinal-
Galen- 4
Ottensmann Gerwin
47249 Windhuker- 19
– Horst 47249 Windhuker- 19
– Ingeburg 47269 Am Dickelsbach 8
– Margareta 47249 Windhuker- 19
– Werner 47249 Windhuker- 19
Otter Bernhard 47249 Lindauer- 12
– Elisabeth 47249 Lindauer- 12
– Gabriele 47137 St.-Wilfried- 6
Gewerbebetriebe/Dienstleister nach Namen – siehe gelber Teil	A-Ov
